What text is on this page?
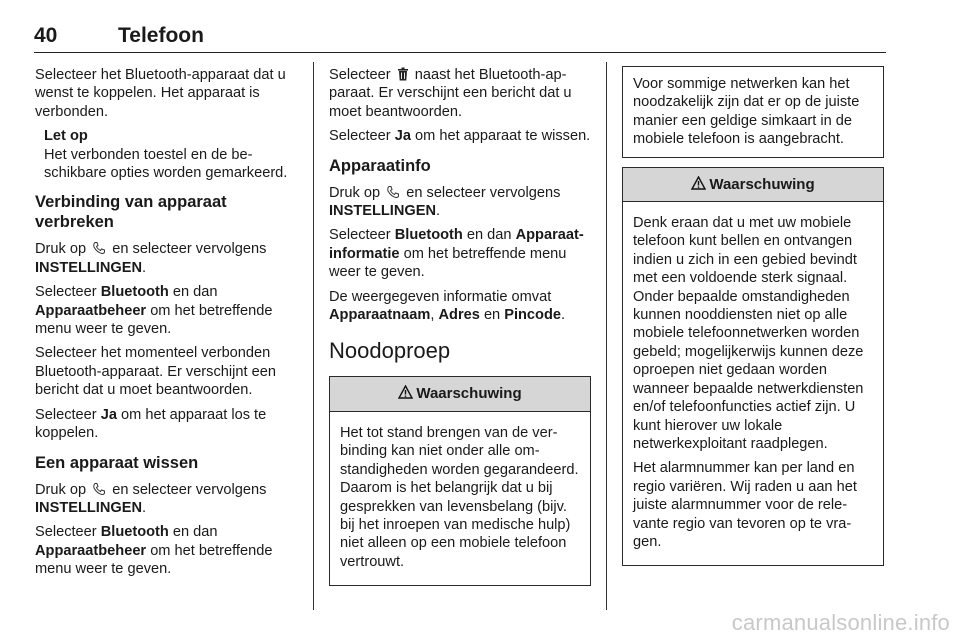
40	Telefoon

Selecteer het Bluetooth-apparaat dat u wenst te koppelen. Het apparaat is verbonden.

Let op
Het verbonden toestel en de beschikbare opties worden gemarkeerd.
Verbinding van apparaat verbreken

Druk op en selecteer vervolgens INSTELLINGEN.

Selecteer Bluetooth en dan Apparaatbeheer om het betreffende menu weer te geven.

Selecteer het momenteel verbonden Bluetooth-apparaat. Er verschijnt een bericht dat u moet beantwoorden.

Selecteer Ja om het apparaat los te koppelen.

Een apparaat wissen

Druk op en selecteer vervolgens INSTELLINGEN.

Selecteer Bluetooth en dan Apparaatbeheer om het betreffende menu weer te geven.

Selecteer naast het Bluetooth-apparaat. Er verschijnt een bericht dat u moet beantwoorden.

Selecteer Ja om het apparaat te wissen.

Apparaatinfo

Druk op en selecteer vervolgens INSTELLINGEN.

Selecteer Bluetooth en dan Apparaatinformatie om het betreffende menu weer te geven.

De weergegeven informatie omvat Apparaatnaam, Adres en Pincode.

Noodoproep
Waarschuwing

Het tot stand brengen van de verbinding kan niet onder alle omstandigheden worden gegarandeerd. Daarom is het belangrijk dat u bij gesprekken van levensbelang (bijv. bij het inroepen van medische hulp) niet alleen op een mobiele telefoon vertrouwt.

Voor sommige netwerken kan het noodzakelijk zijn dat er op de juiste manier een geldige simkaart in de mobiele telefoon is aangebracht.
Waarschuwing

Denk eraan dat u met uw mobiele telefoon kunt bellen en ontvangen indien u zich in een gebied bevindt met een voldoende sterk signaal. Onder bepaalde omstandigheden kunnen nooddiensten niet op alle mobiele telefoonnetwerken worden gebeld; mogelijkerwijs kunnen deze oproepen niet gedaan worden wanneer bepaalde netwerkdiensten en/of telefoonfuncties actief zijn. U kunt hierover uw lokale netwerkexploitant raadplegen.

Het alarmnummer kan per land en regio variëren. Wij raden u aan het juiste alarmnummer voor de relevante regio van tevoren op te vragen.

carmanualsonline.info
